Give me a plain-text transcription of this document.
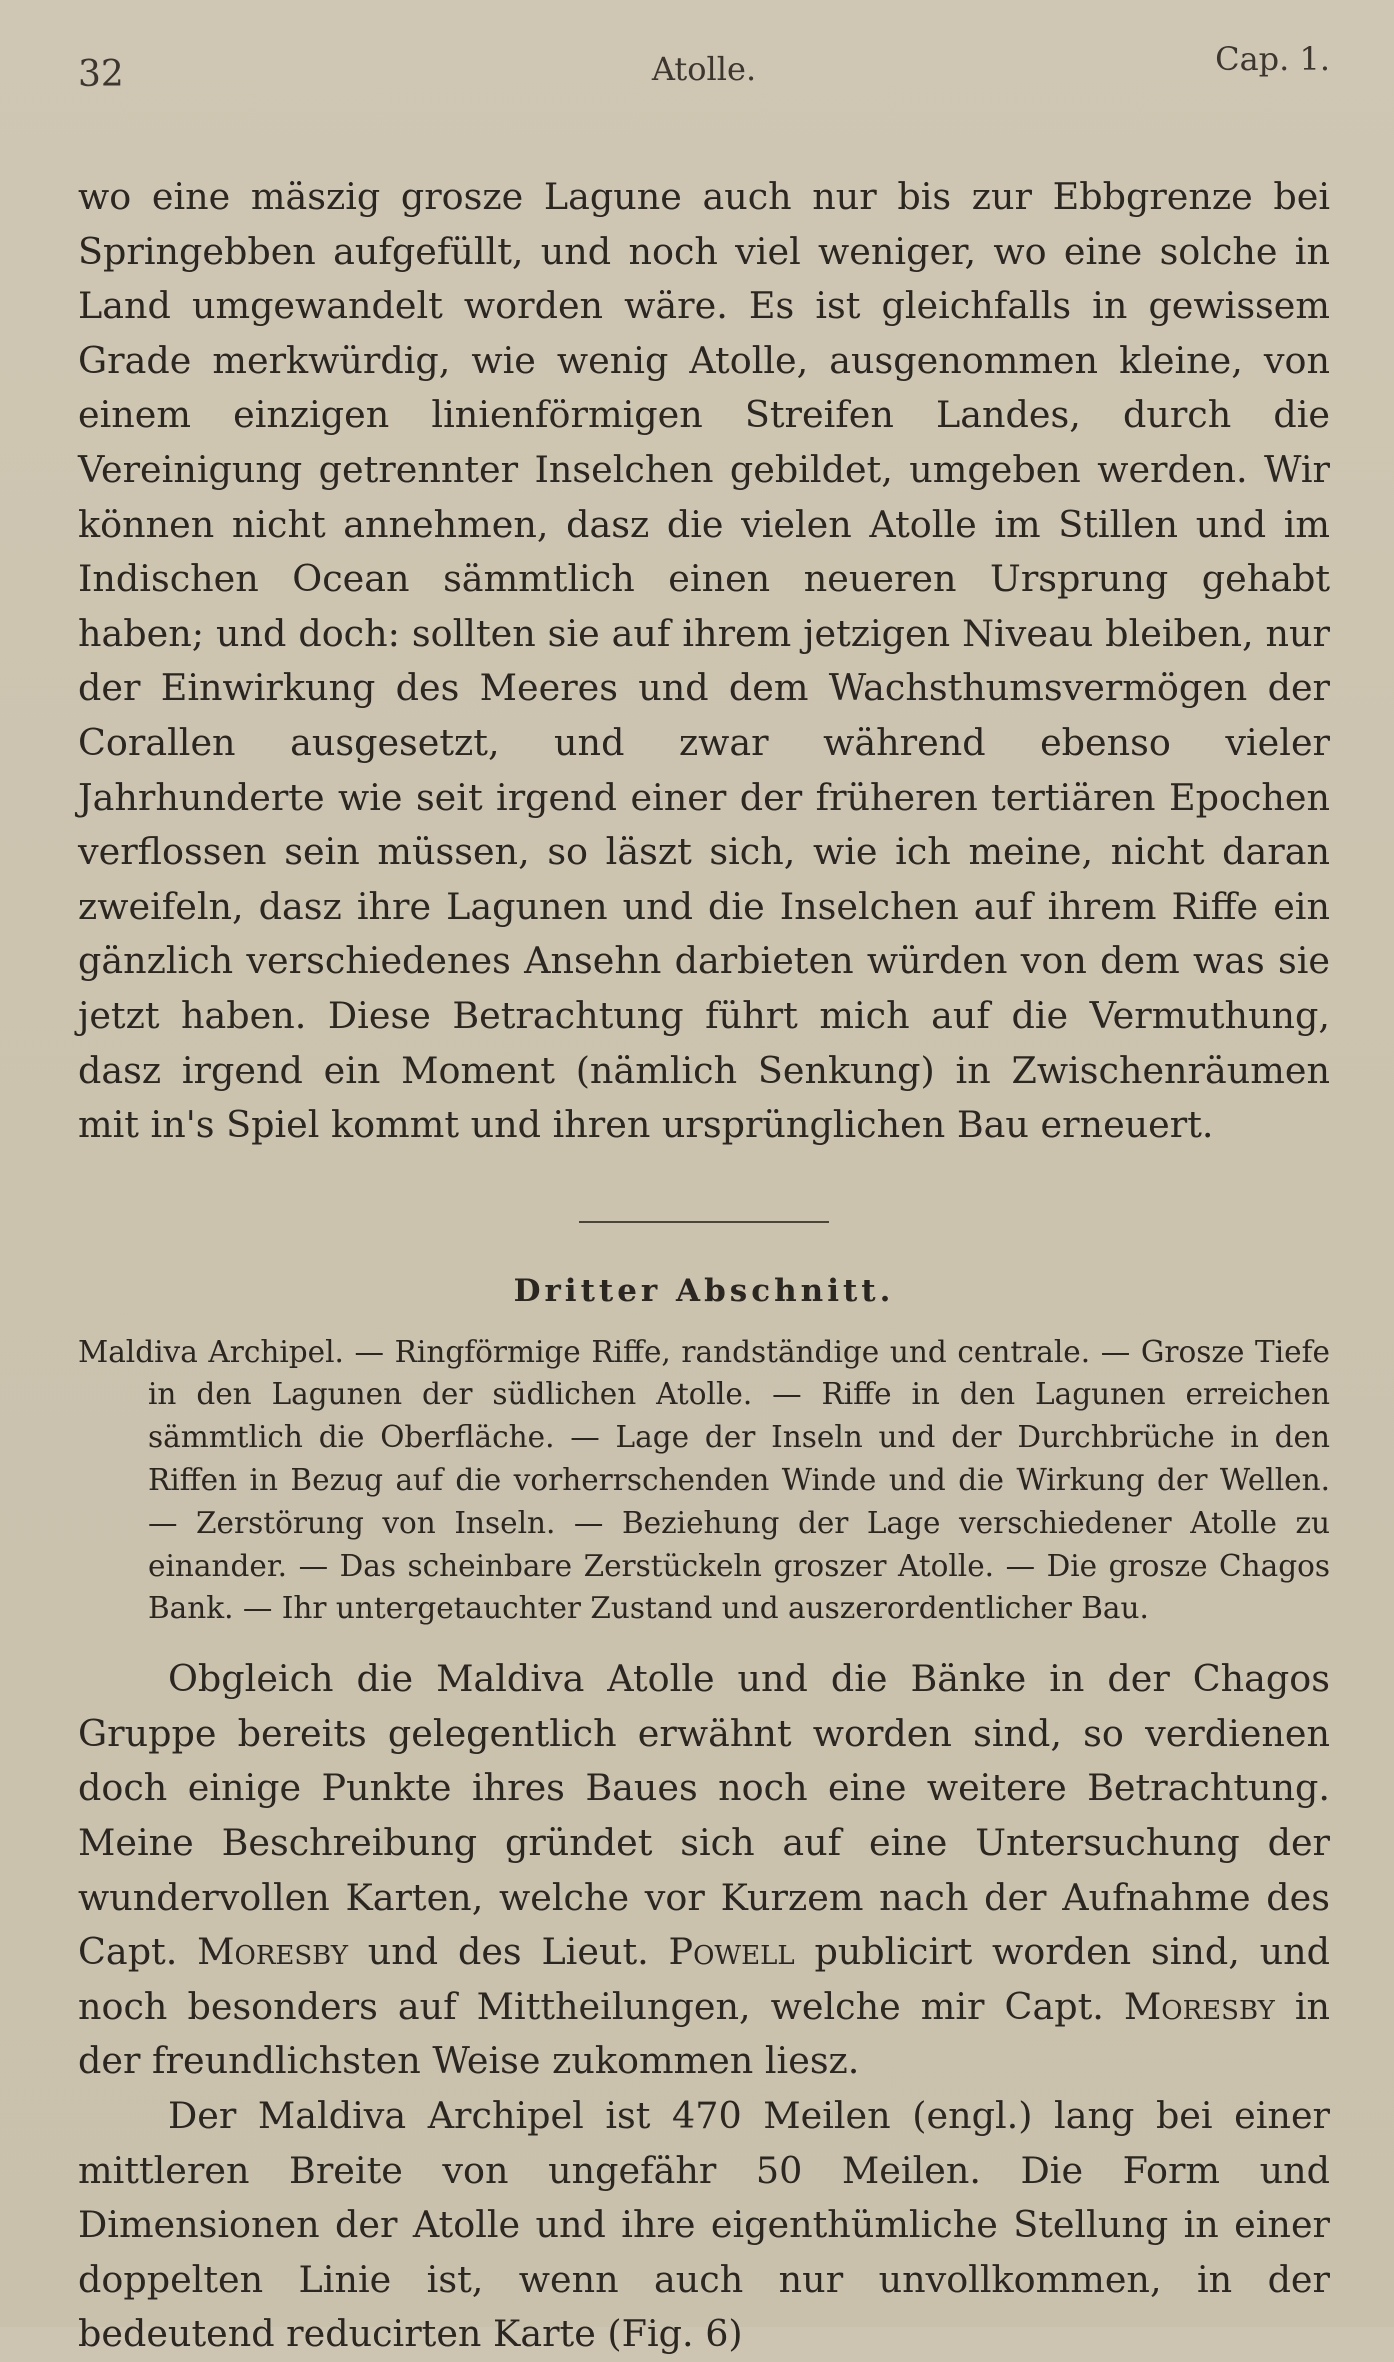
32	Atolle.	Cap. 1.

wo eine mäszig grosze Lagune auch nur bis zur Ebbgrenze bei Springebben aufgefüllt, und noch viel weniger, wo eine solche in Land umgewandelt worden wäre. Es ist gleichfalls in gewissem Grade merkwürdig, wie wenig Atolle, ausgenommen kleine, von einem einzigen linienförmigen Streifen Landes, durch die Vereinigung getrennter Inselchen gebildet, umgeben werden. Wir können nicht annehmen, dasz die vielen Atolle im Stillen und im Indischen Ocean sämmtlich einen neueren Ursprung gehabt haben; und doch: sollten sie auf ihrem jetzigen Niveau bleiben, nur der Einwirkung des Meeres und dem Wachsthumsvermögen der Corallen ausgesetzt, und zwar während ebenso vieler Jahrhunderte wie seit irgend einer der früheren tertiären Epochen verflossen sein müssen, so läszt sich, wie ich meine, nicht daran zweifeln, dasz ihre Lagunen und die Inselchen auf ihrem Riffe ein gänzlich verschiedenes Ansehn darbieten würden von dem was sie jetzt haben. Diese Betrachtung führt mich auf die Vermuthung, dasz irgend ein Moment (nämlich Senkung) in Zwischenräumen mit in's Spiel kommt und ihren ursprünglichen Bau erneuert.

Dritter Abschnitt.
Maldiva Archipel. — Ringförmige Riffe, randständige und centrale. — Grosze Tiefe in den Lagunen der südlichen Atolle. — Riffe in den Lagunen erreichen sämmtlich die Oberfläche. — Lage der Inseln und der Durchbrüche in den Riffen in Bezug auf die vorherrschenden Winde und die Wirkung der Wellen. — Zerstörung von Inseln. — Beziehung der Lage verschiedener Atolle zu einander. — Das scheinbare Zerstückeln groszer Atolle. — Die grosze Chagos Bank. — Ihr untergetauchter Zustand und auszerordentlicher Bau.

Obgleich die Maldiva Atolle und die Bänke in der Chagos Gruppe bereits gelegentlich erwähnt worden sind, so verdienen doch einige Punkte ihres Baues noch eine weitere Betrachtung. Meine Beschreibung gründet sich auf eine Untersuchung der wundervollen Karten, welche vor Kurzem nach der Aufnahme des Capt. Moresby und des Lieut. Powell publicirt worden sind, und noch besonders auf Mittheilungen, welche mir Capt. Moresby in der freundlichsten Weise zukommen liesz.

Der Maldiva Archipel ist 470 Meilen (engl.) lang bei einer mittleren Breite von ungefähr 50 Meilen. Die Form und Dimensionen der Atolle und ihre eigenthümliche Stellung in einer doppelten Linie ist, wenn auch nur unvollkommen, in der bedeutend reducirten Karte (Fig. 6)
